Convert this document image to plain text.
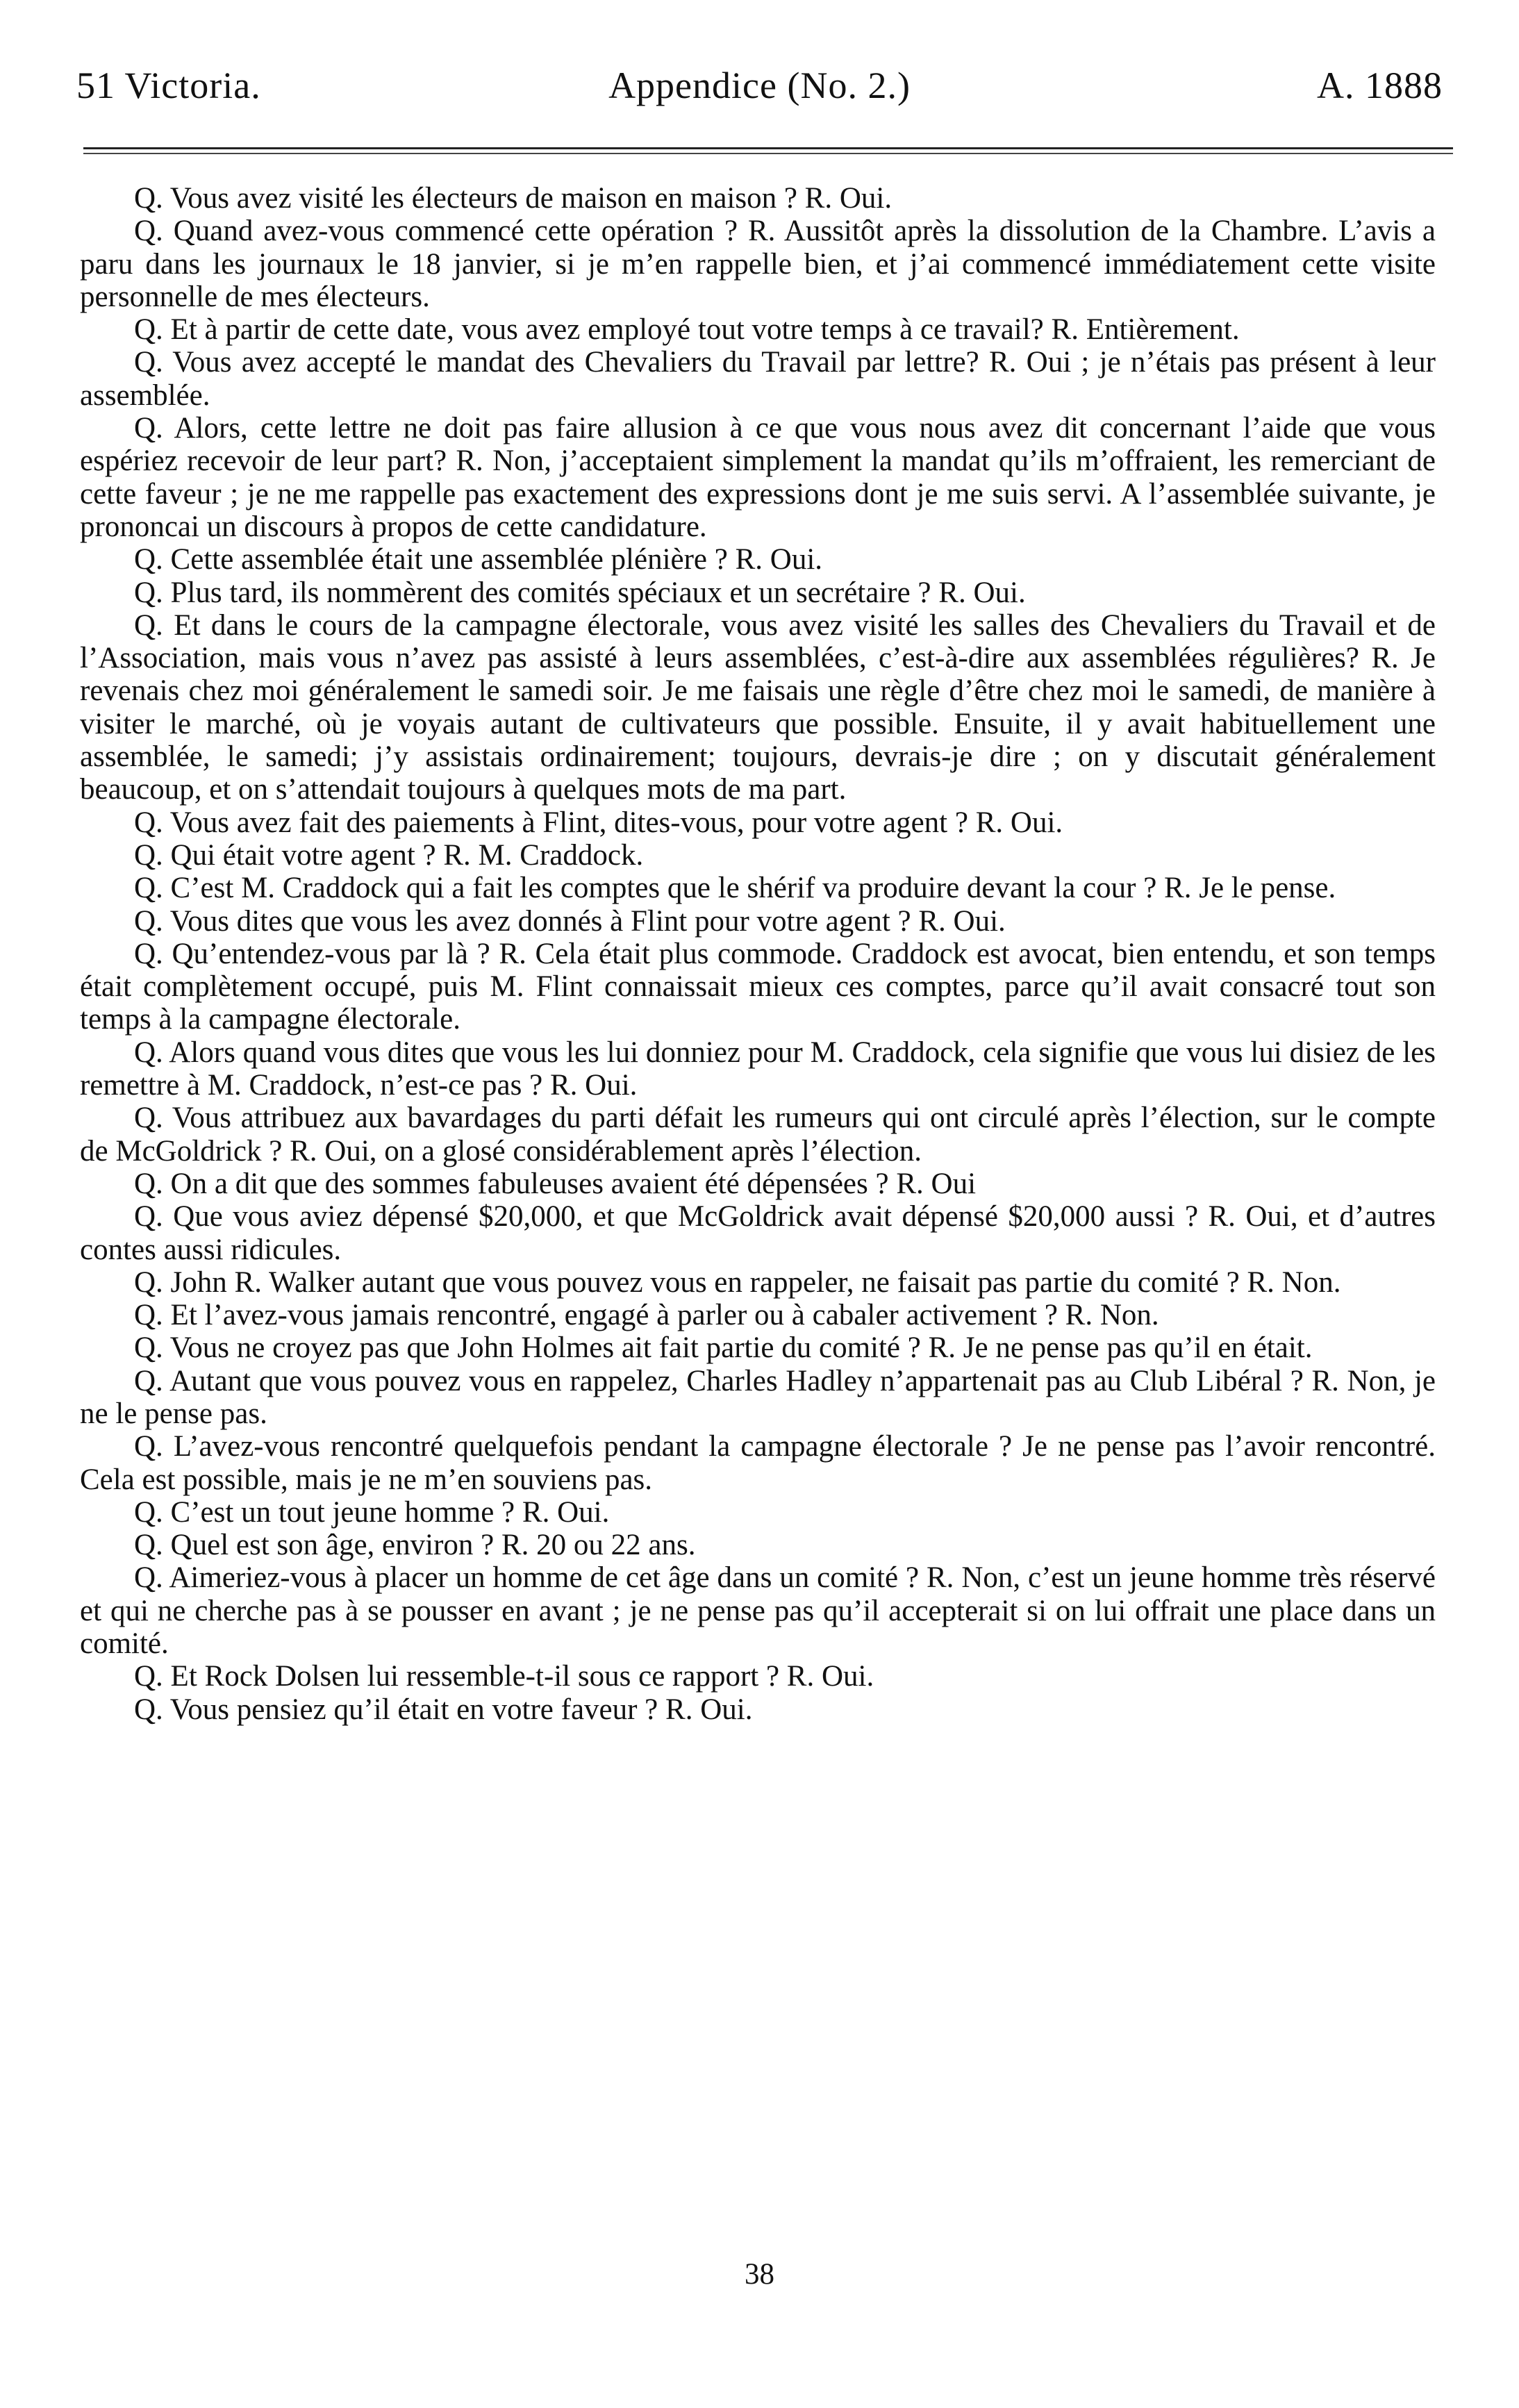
51 Victoria.	Appendice (No. 2.)	A. 1888

Q. Vous avez visité les électeurs de maison en maison ? R. Oui.

Q. Quand avez-vous commencé cette opération ? R. Aussitôt après la dissolution de la Chambre. L’avis a paru dans les journaux le 18 janvier, si je m’en rappelle bien, et j’ai commencé immédiatement cette visite personnelle de mes électeurs.

Q. Et à partir de cette date, vous avez employé tout votre temps à ce travail? R. Entièrement.

Q. Vous avez accepté le mandat des Chevaliers du Travail par lettre? R. Oui ; je n’étais pas présent à leur assemblée.

Q. Alors, cette lettre ne doit pas faire allusion à ce que vous nous avez dit concernant l’aide que vous espériez recevoir de leur part? R. Non, j’acceptaient simplement la mandat qu’ils m’offraient, les remerciant de cette faveur ; je ne me rappelle pas exactement des expressions dont je me suis servi. A l’assemblée suivante, je prononcai un discours à propos de cette candidature.

Q. Cette assemblée était une assemblée plénière ? R. Oui.

Q. Plus tard, ils nommèrent des comités spéciaux et un secrétaire ? R. Oui.

Q. Et dans le cours de la campagne électorale, vous avez visité les salles des Chevaliers du Travail et de l’Association, mais vous n’avez pas assisté à leurs assemblées, c’est-à-dire aux assemblées régulières? R. Je revenais chez moi généralement le samedi soir. Je me faisais une règle d’être chez moi le samedi, de manière à visiter le marché, où je voyais autant de cultivateurs que possible. Ensuite, il y avait habituellement une assemblée, le samedi; j’y assistais ordinairement; toujours, devrais-je dire ; on y discutait généralement beaucoup, et on s’attendait toujours à quelques mots de ma part.

Q. Vous avez fait des paiements à Flint, dites-vous, pour votre agent ? R. Oui.

Q. Qui était votre agent ? R. M. Craddock.

Q. C’est M. Craddock qui a fait les comptes que le shérif va produire devant la cour ? R. Je le pense.

Q. Vous dites que vous les avez donnés à Flint pour votre agent ? R. Oui.

Q. Qu’entendez-vous par là ? R. Cela était plus commode. Craddock est avocat, bien entendu, et son temps était complètement occupé, puis M. Flint connaissait mieux ces comptes, parce qu’il avait consacré tout son temps à la campagne électorale.

Q. Alors quand vous dites que vous les lui donniez pour M. Craddock, cela signifie que vous lui disiez de les remettre à M. Craddock, n’est-ce pas ? R. Oui.

Q. Vous attribuez aux bavardages du parti défait les rumeurs qui ont circulé après l’élection, sur le compte de McGoldrick ? R. Oui, on a glosé considérablement après l’élection.

Q. On a dit que des sommes fabuleuses avaient été dépensées ? R. Oui

Q. Que vous aviez dépensé $20,000, et que McGoldrick avait dépensé $20,000 aussi ? R. Oui, et d’autres contes aussi ridicules.

Q. John R. Walker autant que vous pouvez vous en rappeler, ne faisait pas partie du comité ? R. Non.

Q. Et l’avez-vous jamais rencontré, engagé à parler ou à cabaler activement ? R. Non.

Q. Vous ne croyez pas que John Holmes ait fait partie du comité ? R. Je ne pense pas qu’il en était.

Q. Autant que vous pouvez vous en rappelez, Charles Hadley n’appartenait pas au Club Libéral ? R. Non, je ne le pense pas.

Q. L’avez-vous rencontré quelquefois pendant la campagne électorale ? Je ne pense pas l’avoir rencontré. Cela est possible, mais je ne m’en souviens pas.

Q. C’est un tout jeune homme ? R. Oui.

Q. Quel est son âge, environ ? R. 20 ou 22 ans.

Q. Aimeriez-vous à placer un homme de cet âge dans un comité ? R. Non, c’est un jeune homme très réservé et qui ne cherche pas à se pousser en avant ; je ne pense pas qu’il accepterait si on lui offrait une place dans un comité.

Q. Et Rock Dolsen lui ressemble-t-il sous ce rapport ? R. Oui.

Q. Vous pensiez qu’il était en votre faveur ? R. Oui.

38
